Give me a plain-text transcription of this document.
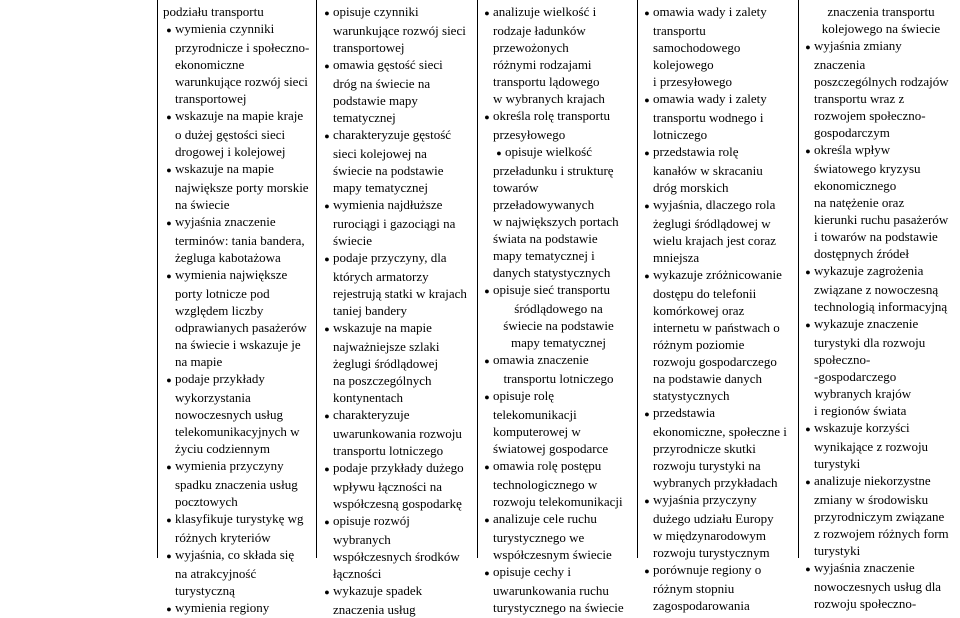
podziału transportu
● wymienia czynniki
przyrodnicze i społeczno-
ekonomiczne
warunkujące rozwój sieci
transportowej
● wskazuje na mapie kraje
o dużej gęstości sieci
drogowej i kolejowej
● wskazuje na mapie
największe porty morskie
na świecie
● wyjaśnia znaczenie
terminów: tania bandera,
żegluga kabotażowa
● wymienia największe
porty lotnicze pod
względem liczby
odprawianych pasażerów
na świecie i wskazuje je
na mapie
● podaje przykłady
wykorzystania
nowoczesnych usług
telekomunikacyjnych w
życiu codziennym
● wymienia przyczyny
spadku znaczenia usług
pocztowych
● klasyfikuje turystykę wg
różnych kryteriów
● wyjaśnia, co składa się
na atrakcyjność
turystyczną
● wymienia regiony
● opisuje czynniki
warunkujące rozwój sieci
transportowej
● omawia gęstość sieci
dróg na świecie na
podstawie mapy
tematycznej
● charakteryzuje gęstość
sieci kolejowej na
świecie na podstawie
mapy tematycznej
● wymienia najdłuższe
rurociągi i gazociągi na
świecie
● podaje przyczyny, dla
których armatorzy
rejestrują statki w krajach
taniej bandery
● wskazuje na mapie
najważniejsze szlaki
żeglugi śródlądowej
na poszczególnych
kontynentach
● charakteryzuje
uwarunkowania rozwoju
transportu lotniczego
● podaje przykłady dużego
wpływu łączności na
współczesną gospodarkę
● opisuje rozwój
wybranych
współczesnych środków
łączności
● wykazuje spadek
znaczenia usług
● analizuje wielkość i
rodzaje ładunków
przewożonych
różnymi rodzajami
transportu lądowego
w wybranych krajach
● określa rolę transportu
przesyłowego
● opisuje wielkość
przeładunku i strukturę
towarów
przeładowywanych
w największych portach
świata na podstawie
mapy tematycznej i
danych statystycznych
● opisuje sieć transportu
śródlądowego na
świecie na podstawie
mapy tematycznej
● omawia znaczenie
transportu lotniczego
● opisuje rolę
telekomunikacji
komputerowej w
światowej gospodarce
● omawia rolę postępu
technologicznego w
rozwoju telekomunikacji
● analizuje cele ruchu
turystycznego we
współczesnym świecie
● opisuje cechy i
uwarunkowania ruchu
turystycznego na świecie
● omawia wady i zalety
transportu
samochodowego
kolejowego
i przesyłowego
● omawia wady i zalety
transportu wodnego i
lotniczego
● przedstawia rolę
kanałów w skracaniu
dróg morskich
● wyjaśnia, dlaczego rola
żeglugi śródlądowej w
wielu krajach jest coraz
mniejsza
● wykazuje zróżnicowanie
dostępu do telefonii
komórkowej oraz
internetu w państwach o
różnym poziomie
rozwoju gospodarczego
na podstawie danych
statystycznych
● przedstawia
ekonomiczne, społeczne i
przyrodnicze skutki
rozwoju turystyki na
wybranych przykładach
● wyjaśnia przyczyny
dużego udziału Europy
w międzynarodowym
rozwoju turystycznym
● porównuje regiony o
różnym stopniu
zagospodarowania
znaczenia transportu
kolejowego na świecie
● wyjaśnia zmiany
znaczenia
poszczególnych rodzajów
transportu wraz z
rozwojem społeczno-
gospodarczym
● określa wpływ
światowego kryzysu
ekonomicznego
na natężenie oraz
kierunki ruchu pasażerów
i towarów na podstawie
dostępnych źródeł
● wykazuje zagrożenia
związane z nowoczesną
technologią informacyjną
● wykazuje znaczenie
turystyki dla rozwoju
społeczno-
-gospodarczego
wybranych krajów
i regionów świata
● wskazuje korzyści
wynikające z rozwoju
turystyki
● analizuje niekorzystne
zmiany w środowisku
przyrodniczym związane
z rozwojem różnych form
turystyki
● wyjaśnia znaczenie
nowoczesnych usług dla
rozwoju społeczno-
